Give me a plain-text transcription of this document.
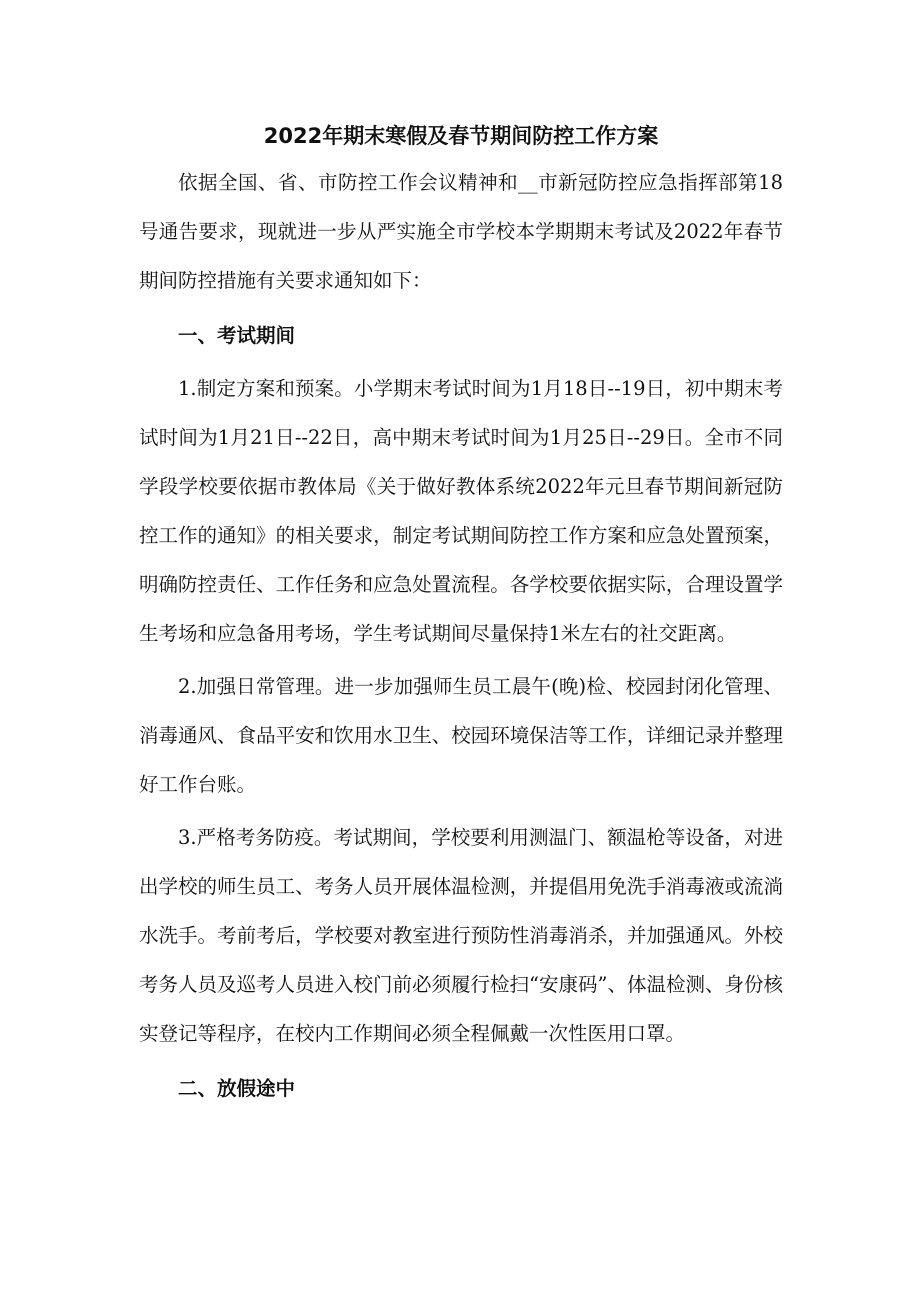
2022年期末寒假及春节期间防控工作方案

依据全国、省、市防控工作会议精神和__市新冠防控应急指挥部第18号通告要求，现就进一步从严实施全市学校本学期期末考试及2022年春节期间防控措施有关要求通知如下：

一、考试期间

1.制定方案和预案。小学期末考试时间为1月18日--19日，初中期末考试时间为1月21日--22日，高中期末考试时间为1月25日--29日。全市不同学段学校要依据市教体局《关于做好教体系统2022年元旦春节期间新冠防控工作的通知》的相关要求，制定考试期间防控工作方案和应急处置预案，明确防控责任、工作任务和应急处置流程。各学校要依据实际，合理设置学生考场和应急备用考场，学生考试期间尽量保持1米左右的社交距离。

2.加强日常管理。进一步加强师生员工晨午(晚)检、校园封闭化管理、消毒通风、食品平安和饮用水卫生、校园环境保洁等工作，详细记录并整理好工作台账。

3.严格考务防疫。考试期间，学校要利用测温门、额温枪等设备，对进出学校的师生员工、考务人员开展体温检测，并提倡用免洗手消毒液或流淌水洗手。考前考后，学校要对教室进行预防性消毒消杀，并加强通风。外校考务人员及巡考人员进入校门前必须履行检扫“安康码”、体温检测、身份核实登记等程序，在校内工作期间必须全程佩戴一次性医用口罩。

二、放假途中
